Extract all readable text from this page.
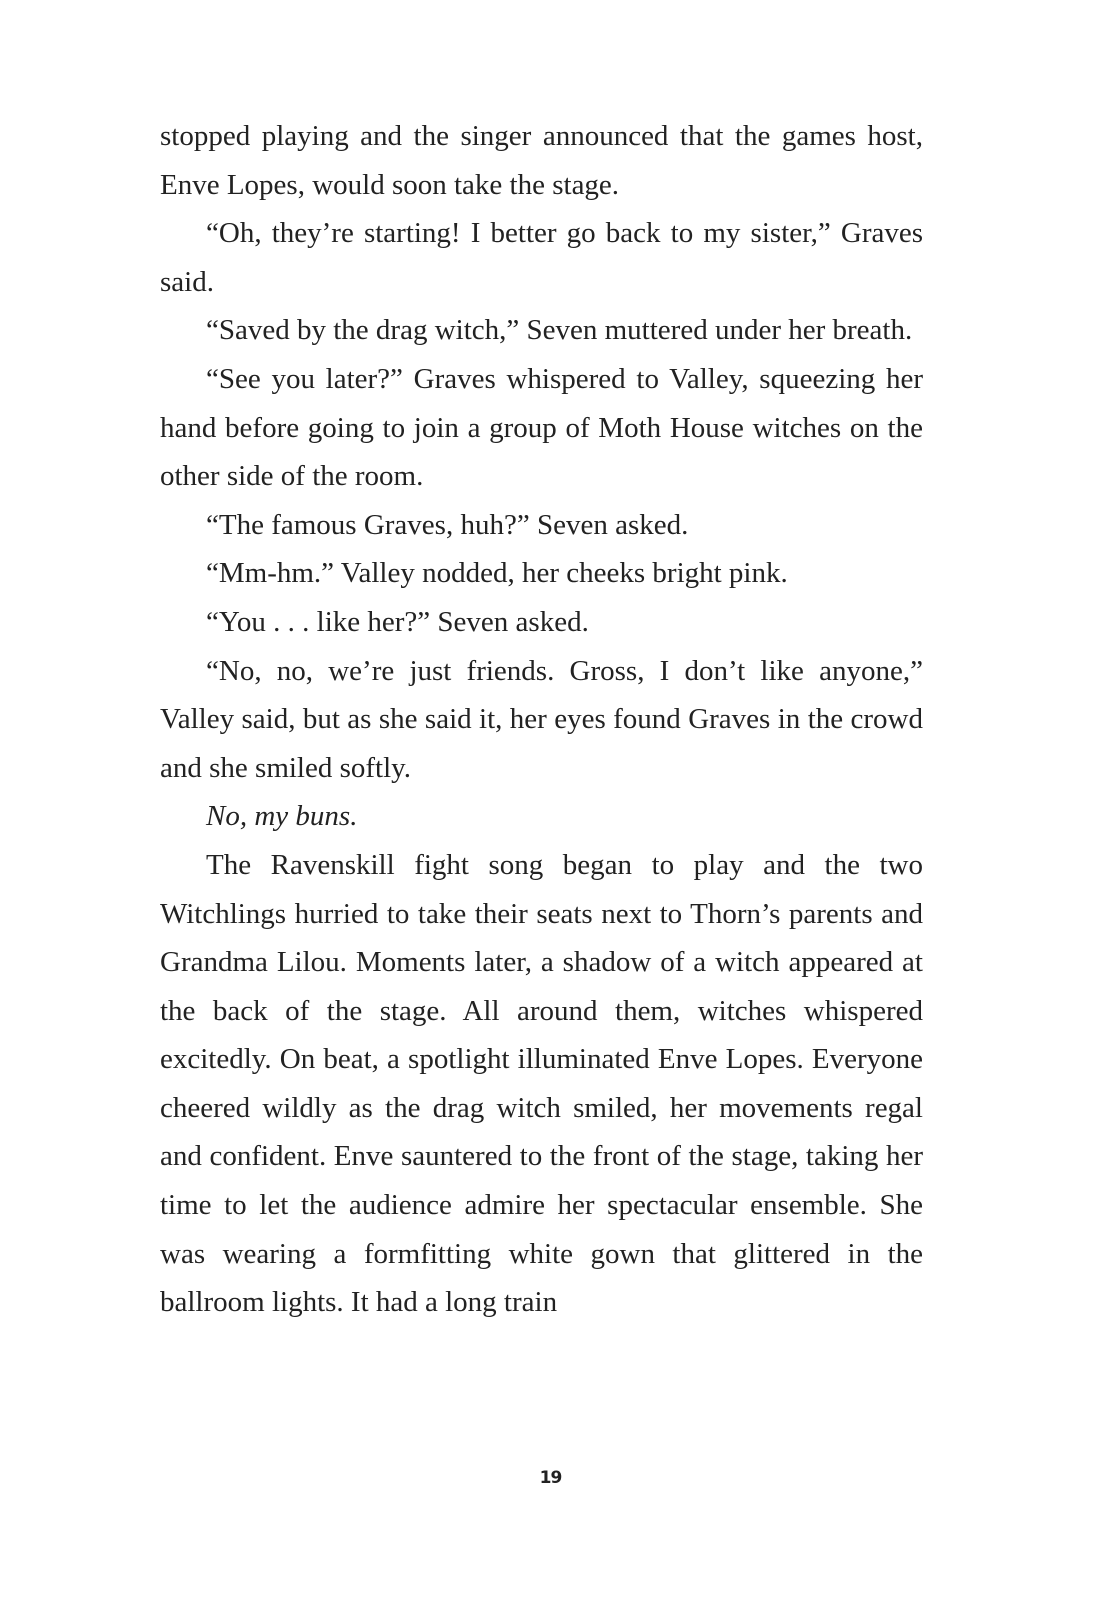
stopped playing and the singer announced that the games host, Enve Lopes, would soon take the stage.

“Oh, they’re starting! I better go back to my sister,” Graves said.

“Saved by the drag witch,” Seven muttered under her breath.

“See you later?” Graves whispered to Valley, squeezing her hand before going to join a group of Moth House witches on the other side of the room.

“The famous Graves, huh?” Seven asked.

“Mm-hm.” Valley nodded, her cheeks bright pink.

“You . . . like her?” Seven asked.

“No, no, we’re just friends. Gross, I don’t like anyone,” Valley said, but as she said it, her eyes found Graves in the crowd and she smiled softly.

No, my buns.

The Ravenskill fight song began to play and the two Witchlings hurried to take their seats next to Thorn’s parents and Grandma Lilou. Moments later, a shadow of a witch appeared at the back of the stage. All around them, witches whispered excitedly. On beat, a spotlight illuminated Enve Lopes. Everyone cheered wildly as the drag witch smiled, her movements regal and confident. Enve sauntered to the front of the stage, taking her time to let the audience admire her spectacular ensemble. She was wearing a formfitting white gown that glittered in the ballroom lights. It had a long train

19
